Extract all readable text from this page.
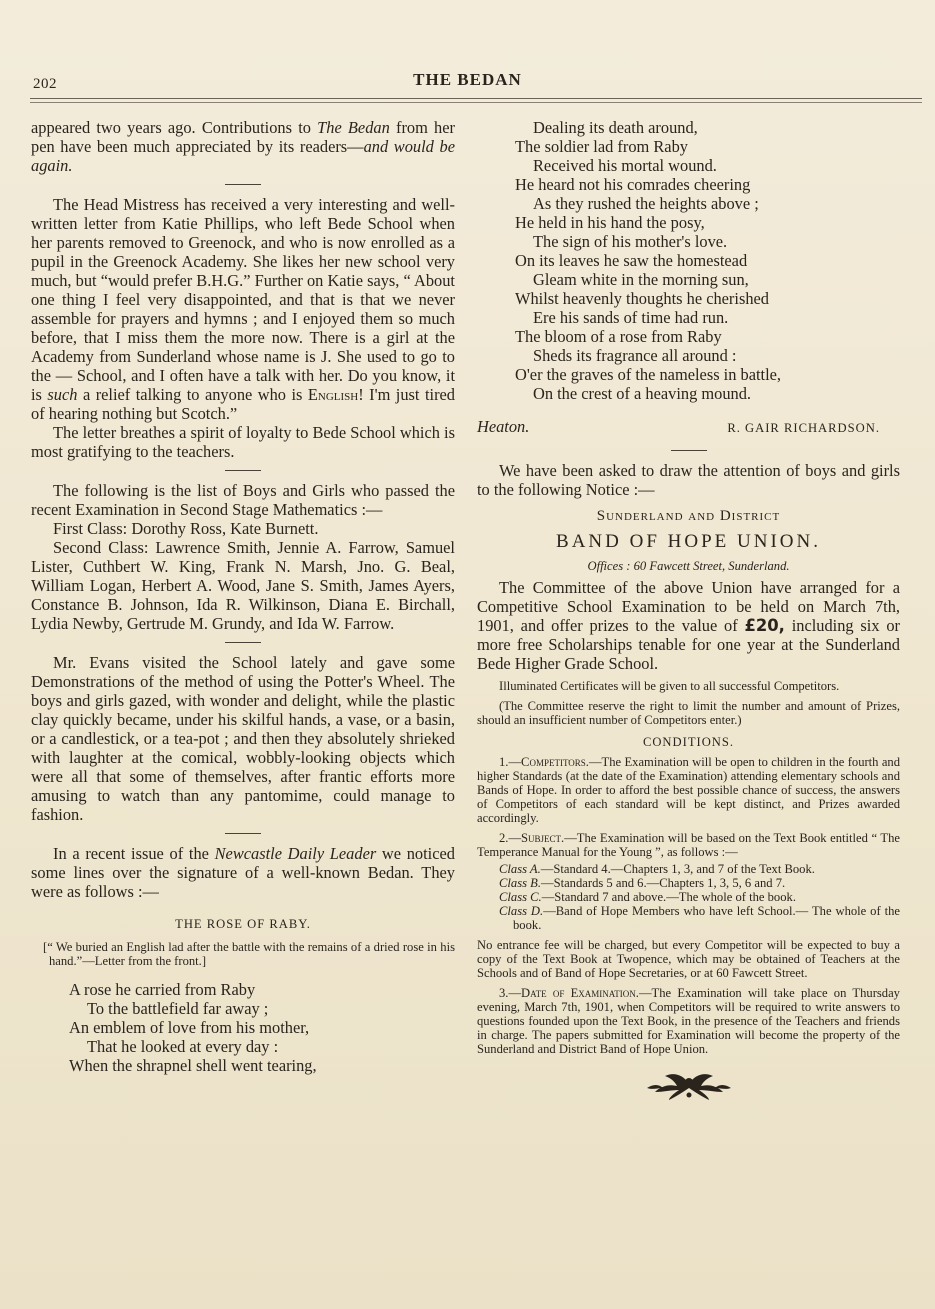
202	THE BEDAN

appeared two years ago. Contributions to The Bedan from her pen have been much appreciated by its readers—and would be again.

The Head Mistress has received a very interesting and well-written letter from Katie Phillips, who left Bede School when her parents removed to Greenock, and who is now enrolled as a pupil in the Greenock Academy. She likes her new school very much, but “would prefer B.H.G.” Further on Katie says, “ About one thing I feel very disappointed, and that is that we never assemble for prayers and hymns ; and I enjoyed them so much before, that I miss them the more now. There is a girl at the Academy from Sunderland whose name is J. She used to go to the — School, and I often have a talk with her. Do you know, it is such a relief talking to anyone who is English! I'm just tired of hearing nothing but Scotch.”

The letter breathes a spirit of loyalty to Bede School which is most gratifying to the teachers.

The following is the list of Boys and Girls who passed the recent Examination in Second Stage Mathematics :—

First Class: Dorothy Ross, Kate Burnett.

Second Class: Lawrence Smith, Jennie A. Farrow, Samuel Lister, Cuthbert W. King, Frank N. Marsh, Jno. G. Beal, William Logan, Herbert A. Wood, Jane S. Smith, James Ayers, Constance B. Johnson, Ida R. Wilkinson, Diana E. Birchall, Lydia Newby, Gertrude M. Grundy, and Ida W. Farrow.

Mr. Evans visited the School lately and gave some Demonstrations of the method of using the Potter's Wheel. The boys and girls gazed, with wonder and delight, while the plastic clay quickly became, under his skilful hands, a vase, or a basin, or a candlestick, or a tea-pot ; and then they absolutely shrieked with laughter at the comical, wobbly-looking objects which were all that some of themselves, after frantic efforts more amusing to watch than any pantomime, could manage to fashion.

In a recent issue of the Newcastle Daily Leader we noticed some lines over the signature of a well-known Bedan. They were as follows :—

THE ROSE OF RABY.

[“ We buried an English lad after the battle with the remains of a dried rose in his hand.”—Letter from the front.]

A rose he carried from Raby
To the battlefield far away ;
An emblem of love from his mother,
That he looked at every day :
When the shrapnel shell went tearing,
Dealing its death around,
The soldier lad from Raby
Received his mortal wound.
He heard not his comrades cheering
As they rushed the heights above ;
He held in his hand the posy,
The sign of his mother's love.
On its leaves he saw the homestead
Gleam white in the morning sun,
Whilst heavenly thoughts he cherished
Ere his sands of time had run.
The bloom of a rose from Raby
Sheds its fragrance all around :
O'er the graves of the nameless in battle,
On the crest of a heaving mound.
Heaton.	R. GAIR RICHARDSON.

We have been asked to draw the attention of boys and girls to the following Notice :—

Sunderland and District
BAND OF HOPE UNION.
Offices : 60 Fawcett Street, Sunderland.

The Committee of the above Union have arranged for a Competitive School Examination to be held on March 7th, 1901, and offer prizes to the value of £20, including six or more free Scholarships tenable for one year at the Sunderland Bede Higher Grade School.

Illuminated Certificates will be given to all successful Competitors.

(The Committee reserve the right to limit the number and amount of Prizes, should an insufficient number of Competitors enter.)

CONDITIONS.

1.—Competitors.—The Examination will be open to children in the fourth and higher Standards (at the date of the Examination) attending elementary schools and Bands of Hope. In order to afford the best possible chance of success, the answers of Competitors of each standard will be kept distinct, and Prizes awarded accordingly.

2.—Subject.—The Examination will be based on the Text Book entitled “ The Temperance Manual for the Young ”, as follows :—

Class A.—Standard 4.—Chapters 1, 3, and 7 of the Text Book.

Class B.—Standards 5 and 6.—Chapters 1, 3, 5, 6 and 7.

Class C.—Standard 7 and above.—The whole of the book.

Class D.—Band of Hope Members who have left School.— The whole of the book.

No entrance fee will be charged, but every Competitor will be expected to buy a copy of the Text Book at Twopence, which may be obtained of Teachers at the Schools and of Band of Hope Secretaries, or at 60 Fawcett Street.

3.—Date of Examination.—The Examination will take place on Thursday evening, March 7th, 1901, when Competitors will be required to write answers to questions founded upon the Text Book, in the presence of the Teachers and friends in charge. The papers submitted for Examination will become the property of the Sunderland and District Band of Hope Union.
